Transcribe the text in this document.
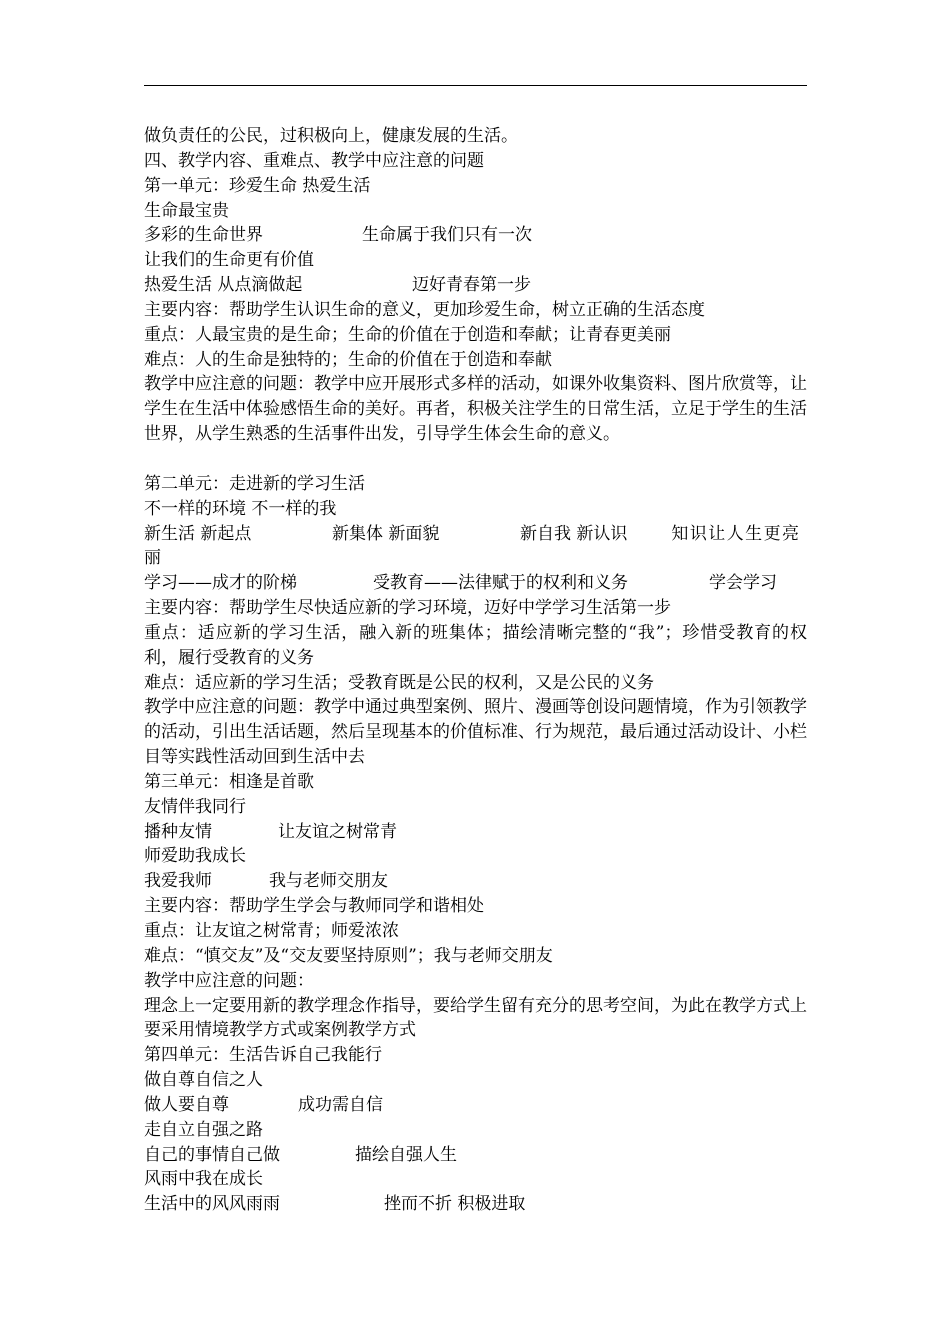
做负责任的公民，过积极向上，健康发展的生活。
四、教学内容、重难点、教学中应注意的问题
第一单元：珍爱生命 热爱生活
生命最宝贵
多彩的生命世界	生命属于我们只有一次
让我们的生命更有价值
热爱生活 从点滴做起	迈好青春第一步
主要内容：帮助学生认识生命的意义，更加珍爱生命，树立正确的生活态度
重点：人最宝贵的是生命；生命的价值在于创造和奉献；让青春更美丽
难点：人的生命是独特的；生命的价值在于创造和奉献
教学中应注意的问题：教学中应开展形式多样的活动，如课外收集资料、图片欣赏等，让学生在生活中体验感悟生命的美好。再者，积极关注学生的日常生活，立足于学生的生活世界，从学生熟悉的生活事件出发，引导学生体会生命的意义。
第二单元：走进新的学习生活
不一样的环境 不一样的我
新生活 新起点	新集体 新面貌	新自我 新认识	知识让人生更亮丽
学习——成才的阶梯	受教育——法律赋于的权利和义务	学会学习
主要内容：帮助学生尽快适应新的学习环境，迈好中学学习生活第一步
重点：适应新的学习生活，融入新的班集体；描绘清晰完整的“我”；珍惜受教育的权利，履行受教育的义务
难点：适应新的学习生活；受教育既是公民的权利，又是公民的义务
教学中应注意的问题：教学中通过典型案例、照片、漫画等创设问题情境，作为引领教学的活动，引出生活话题，然后呈现基本的价值标准、行为规范，最后通过活动设计、小栏目等实践性活动回到生活中去
第三单元：相逢是首歌
友情伴我同行
播种友情	让友谊之树常青
师爱助我成长
我爱我师	我与老师交朋友
主要内容：帮助学生学会与教师同学和谐相处
重点：让友谊之树常青；师爱浓浓
难点：“慎交友”及“交友要坚持原则”；我与老师交朋友
教学中应注意的问题：
理念上一定要用新的教学理念作指导，要给学生留有充分的思考空间，为此在教学方式上要采用情境教学方式或案例教学方式
第四单元：生活告诉自己我能行
做自尊自信之人
做人要自尊	成功需自信
走自立自强之路
自己的事情自己做	描绘自强人生
风雨中我在成长
生活中的风风雨雨	挫而不折 积极进取
